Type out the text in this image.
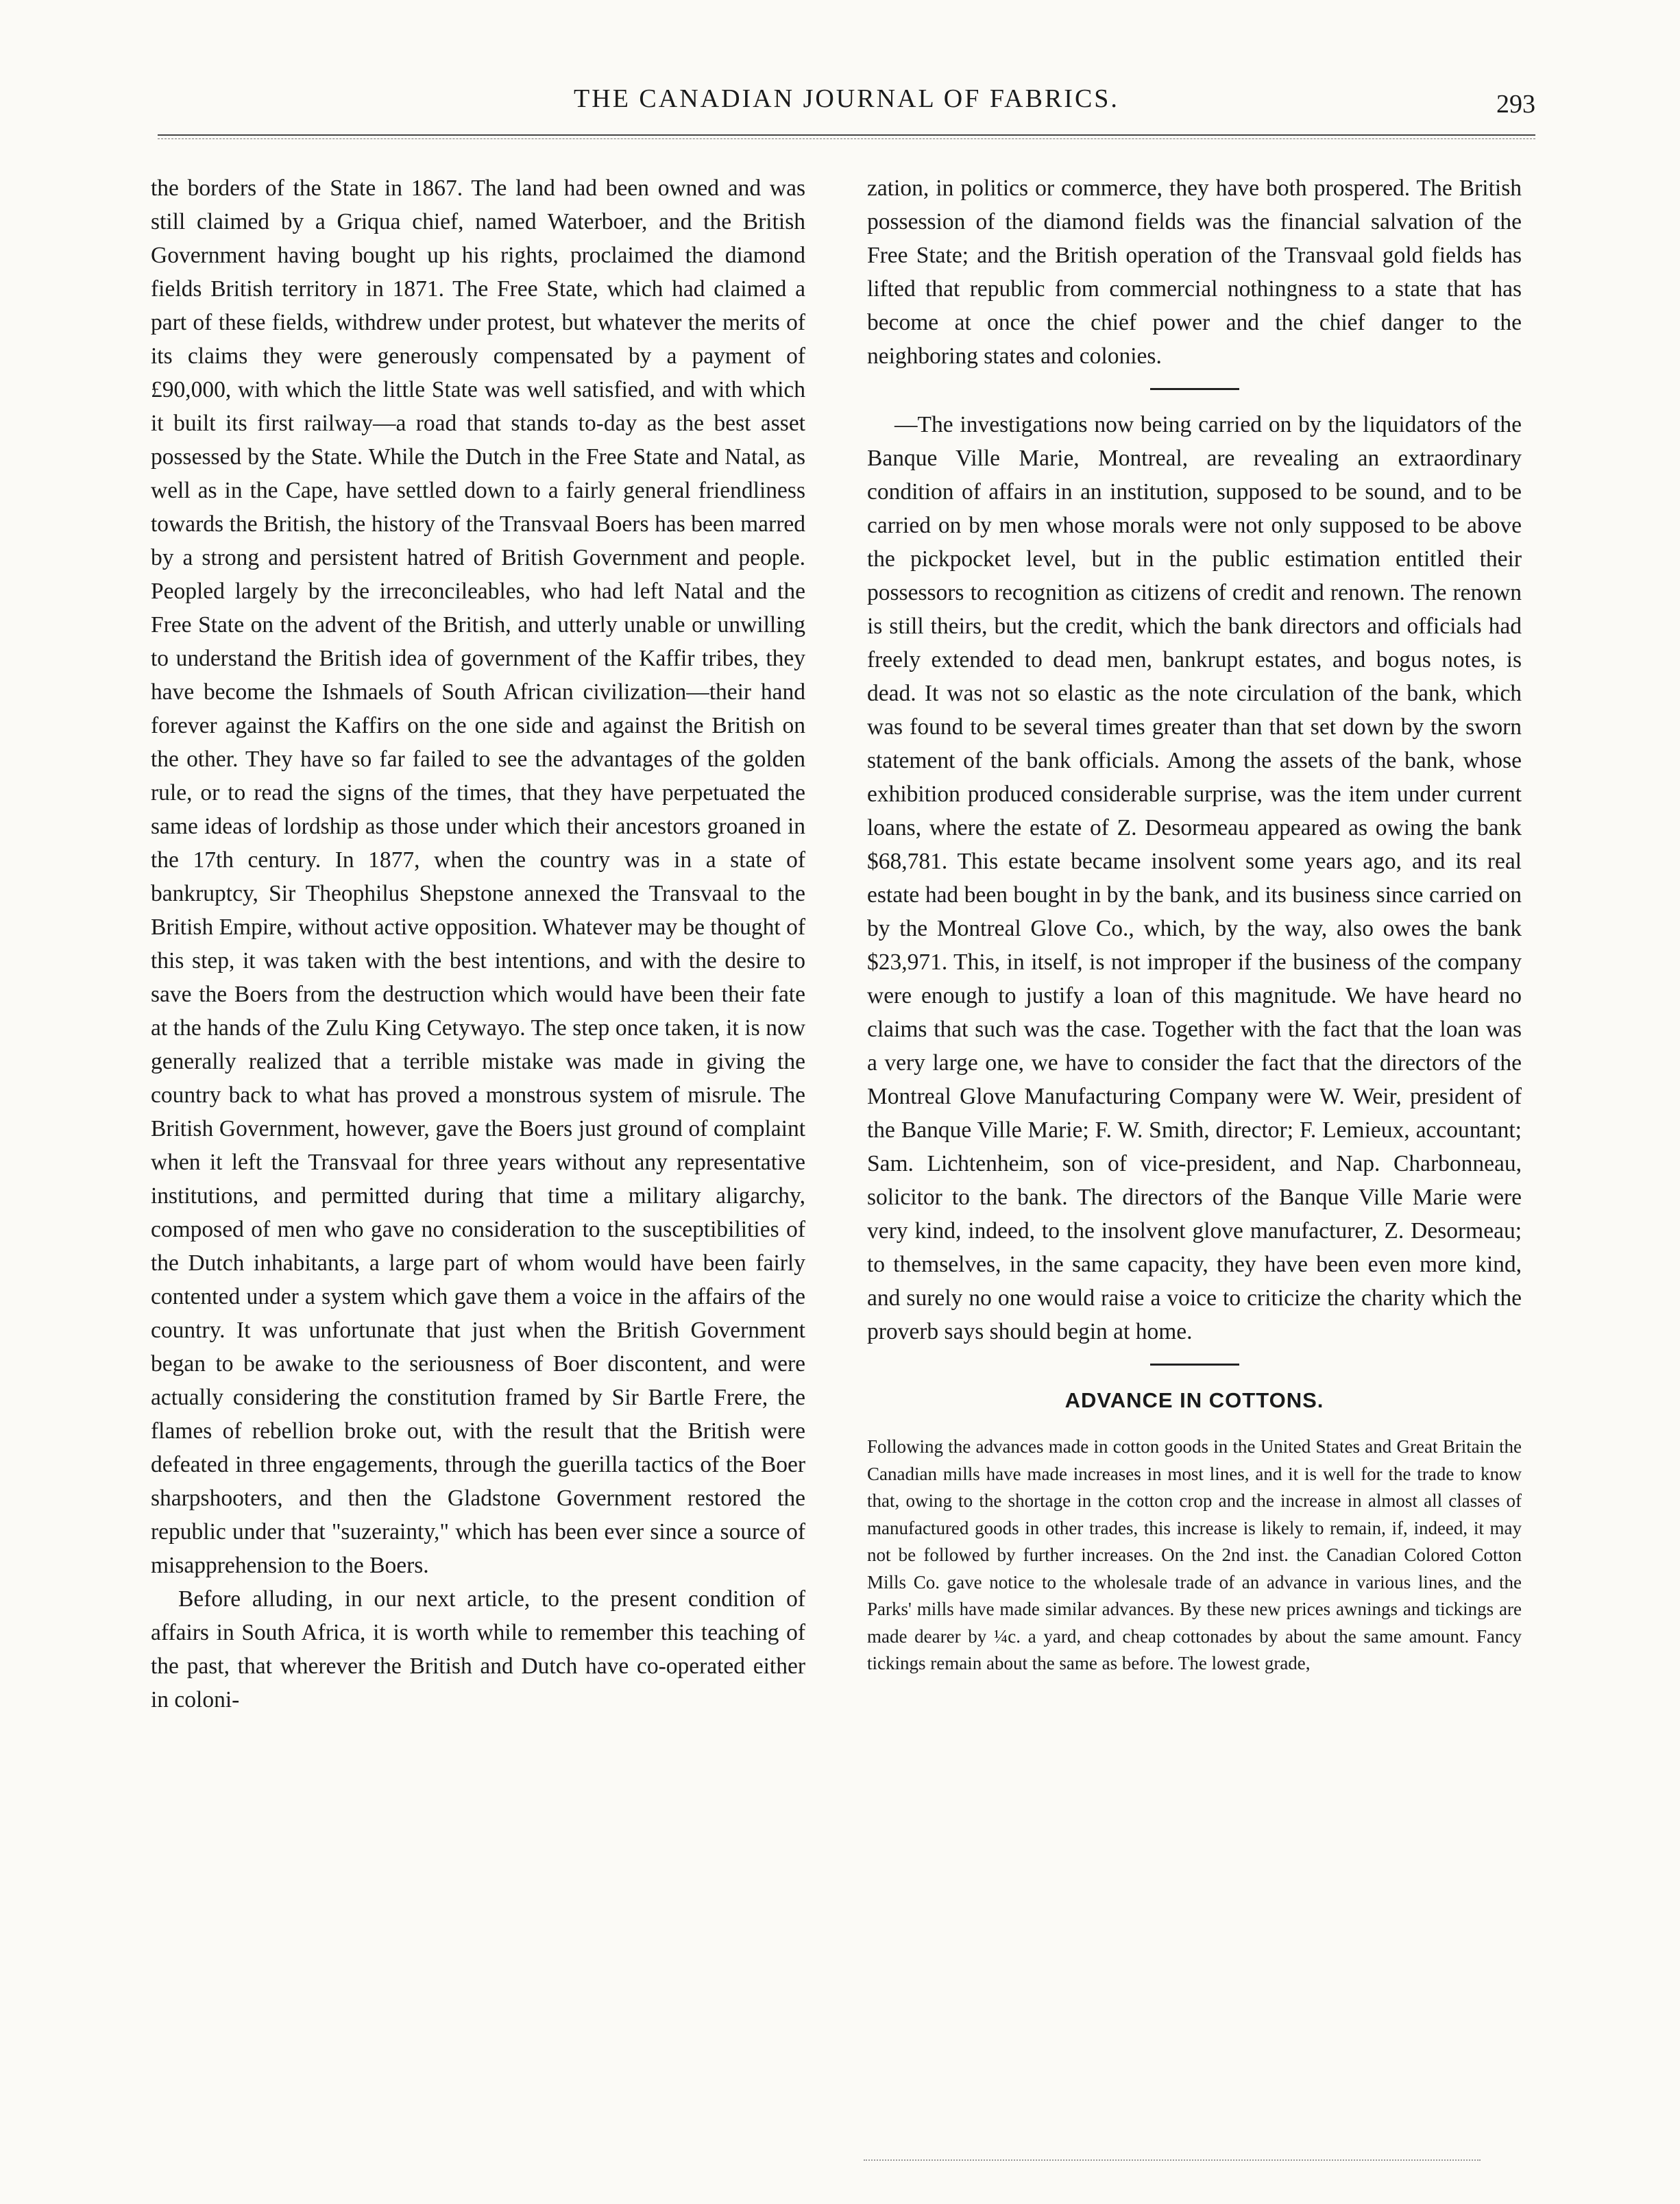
THE CANADIAN JOURNAL OF FABRICS.	293

the borders of the State in 1867. The land had been owned and was still claimed by a Griqua chief, named Waterboer, and the British Government having bought up his rights, proclaimed the diamond fields British territory in 1871. The Free State, which had claimed a part of these fields, withdrew under protest, but whatever the merits of its claims they were generously compensated by a payment of £90,000, with which the little State was well satisfied, and with which it built its first railway—a road that stands to-day as the best asset possessed by the State. While the Dutch in the Free State and Natal, as well as in the Cape, have settled down to a fairly general friendliness towards the British, the history of the Transvaal Boers has been marred by a strong and persistent hatred of British Government and people. Peopled largely by the irreconcileables, who had left Natal and the Free State on the advent of the British, and utterly unable or unwilling to understand the British idea of government of the Kaffir tribes, they have become the Ishmaels of South African civilization—their hand forever against the Kaffirs on the one side and against the British on the other. They have so far failed to see the advantages of the golden rule, or to read the signs of the times, that they have perpetuated the same ideas of lordship as those under which their ancestors groaned in the 17th century. In 1877, when the country was in a state of bankruptcy, Sir Theophilus Shepstone annexed the Transvaal to the British Empire, without active opposition. Whatever may be thought of this step, it was taken with the best intentions, and with the desire to save the Boers from the destruction which would have been their fate at the hands of the Zulu King Cetywayo. The step once taken, it is now generally realized that a terrible mistake was made in giving the country back to what has proved a monstrous system of misrule. The British Government, however, gave the Boers just ground of complaint when it left the Transvaal for three years without any representative institutions, and permitted during that time a military aligarchy, composed of men who gave no consideration to the susceptibilities of the Dutch inhabitants, a large part of whom would have been fairly contented under a system which gave them a voice in the affairs of the country. It was unfortunate that just when the British Government began to be awake to the seriousness of Boer discontent, and were actually considering the constitution framed by Sir Bartle Frere, the flames of rebellion broke out, with the result that the British were defeated in three engagements, through the guerilla tactics of the Boer sharpshooters, and then the Gladstone Government restored the republic under that "suzerainty," which has been ever since a source of misapprehension to the Boers.

Before alluding, in our next article, to the present condition of affairs in South Africa, it is worth while to remember this teaching of the past, that wherever the British and Dutch have co-operated either in coloni-

zation, in politics or commerce, they have both prospered. The British possession of the diamond fields was the financial salvation of the Free State; and the British operation of the Transvaal gold fields has lifted that republic from commercial nothingness to a state that has become at once the chief power and the chief danger to the neighboring states and colonies.

—The investigations now being carried on by the liquidators of the Banque Ville Marie, Montreal, are revealing an extraordinary condition of affairs in an institution, supposed to be sound, and to be carried on by men whose morals were not only supposed to be above the pickpocket level, but in the public estimation entitled their possessors to recognition as citizens of credit and renown. The renown is still theirs, but the credit, which the bank directors and officials had freely extended to dead men, bankrupt estates, and bogus notes, is dead. It was not so elastic as the note circulation of the bank, which was found to be several times greater than that set down by the sworn statement of the bank officials. Among the assets of the bank, whose exhibition produced considerable surprise, was the item under current loans, where the estate of Z. Desormeau appeared as owing the bank $68,781. This estate became insolvent some years ago, and its real estate had been bought in by the bank, and its business since carried on by the Montreal Glove Co., which, by the way, also owes the bank $23,971. This, in itself, is not improper if the business of the company were enough to justify a loan of this magnitude. We have heard no claims that such was the case. Together with the fact that the loan was a very large one, we have to consider the fact that the directors of the Montreal Glove Manufacturing Company were W. Weir, president of the Banque Ville Marie; F. W. Smith, director; F. Lemieux, accountant; Sam. Lichtenheim, son of vice-president, and Nap. Charbonneau, solicitor to the bank. The directors of the Banque Ville Marie were very kind, indeed, to the insolvent glove manufacturer, Z. Desormeau; to themselves, in the same capacity, they have been even more kind, and surely no one would raise a voice to criticize the charity which the proverb says should begin at home.

ADVANCE IN COTTONS.

Following the advances made in cotton goods in the United States and Great Britain the Canadian mills have made increases in most lines, and it is well for the trade to know that, owing to the shortage in the cotton crop and the increase in almost all classes of manufactured goods in other trades, this increase is likely to remain, if, indeed, it may not be followed by further increases. On the 2nd inst. the Canadian Colored Cotton Mills Co. gave notice to the wholesale trade of an advance in various lines, and the Parks' mills have made similar advances. By these new prices awnings and tickings are made dearer by ¼c. a yard, and cheap cottonades by about the same amount. Fancy tickings remain about the same as before. The lowest grade,
